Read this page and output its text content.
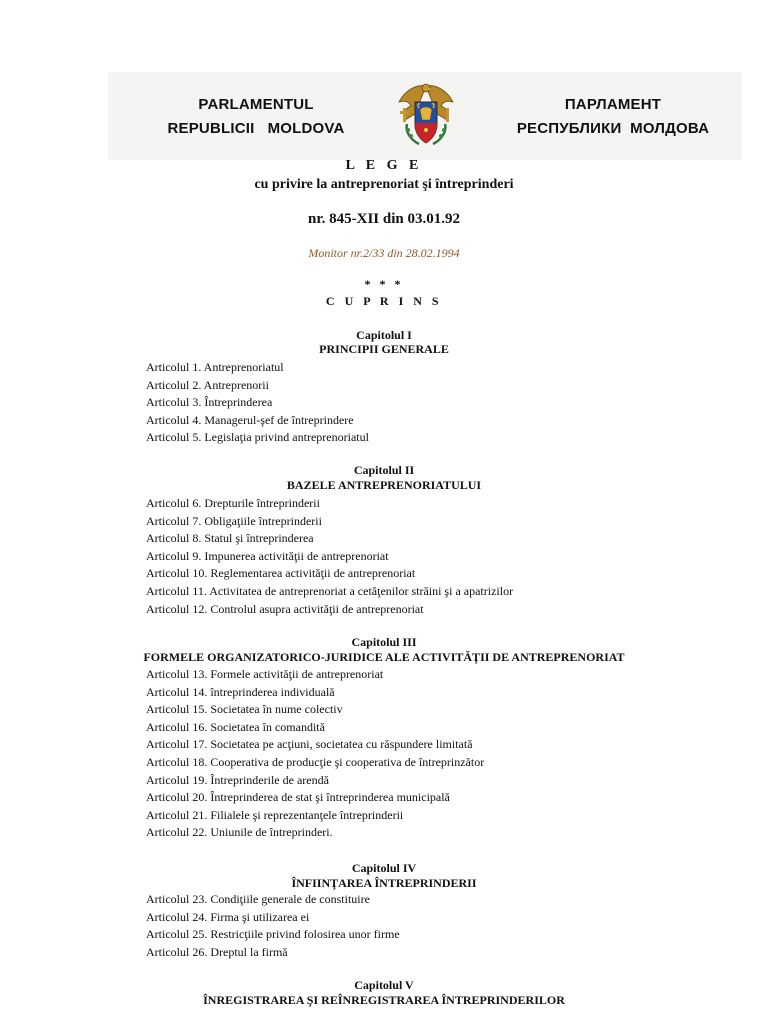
PARLAMENTUL
REPUBLICII   MOLDOVA
ПАРЛАМЕНТ
РЕСПУБЛИКИ  МОЛДОВА
L E G E
cu privire la antreprenoriat şi întreprinderi
nr. 845-XII din 03.01.92
Monitor nr.2/33 din 28.02.1994
* * *
C U P R I N S
Capitolul I
PRINCIPII GENERALE
Articolul 1. Antreprenoriatul
Articolul 2. Antreprenorii
Articolul 3. Întreprinderea
Articolul 4. Managerul-şef de întreprindere
Articolul 5. Legislaţia privind antreprenoriatul
Capitolul II
BAZELE ANTREPRENORIATULUI
Articolul 6. Drepturile întreprinderii
Articolul 7. Obligaţiile întreprinderii
Articolul 8. Statul şi întreprinderea
Articolul 9. Impunerea activităţii de antreprenoriat
Articolul 10. Reglementarea activităţii de antreprenoriat
Articolul 11. Activitatea de antreprenoriat a cetăţenilor străini şi a apatrizilor
Articolul 12. Controlul asupra activităţii de antreprenoriat
Capitolul III
FORMELE ORGANIZATORICO-JURIDICE ALE ACTIVITĂŢII DE ANTREPRENORIAT
Articolul 13. Formele activităţii de antreprenoriat
Articolul 14. întreprinderea individuală
Articolul 15. Societatea în nume colectiv
Articolul 16. Societatea în comandită
Articolul 17. Societatea pe acţiuni, societatea cu răspundere limitată
Articolul 18. Cooperativa de producţie şi cooperativa de întreprinzător
Articolul 19. Întreprinderile de arendă
Articolul 20. Întreprinderea de stat şi întreprinderea municipală
Articolul 21. Filialele şi reprezentanţele întreprinderii
Articolul 22. Uniunile de întreprinderi.
Capitolul IV
ÎNFIINŢAREA ÎNTREPRINDERII
Articolul 23. Condiţiile generale de constituire
Articolul 24. Firma şi utilizarea ei
Articolul 25. Restricţiile privind folosirea unor firme
Articolul 26. Dreptul la firmă
Capitolul V
ÎNREGISTRAREA ŞI REÎNREGISTRAREA ÎNTREPRINDERILOR
